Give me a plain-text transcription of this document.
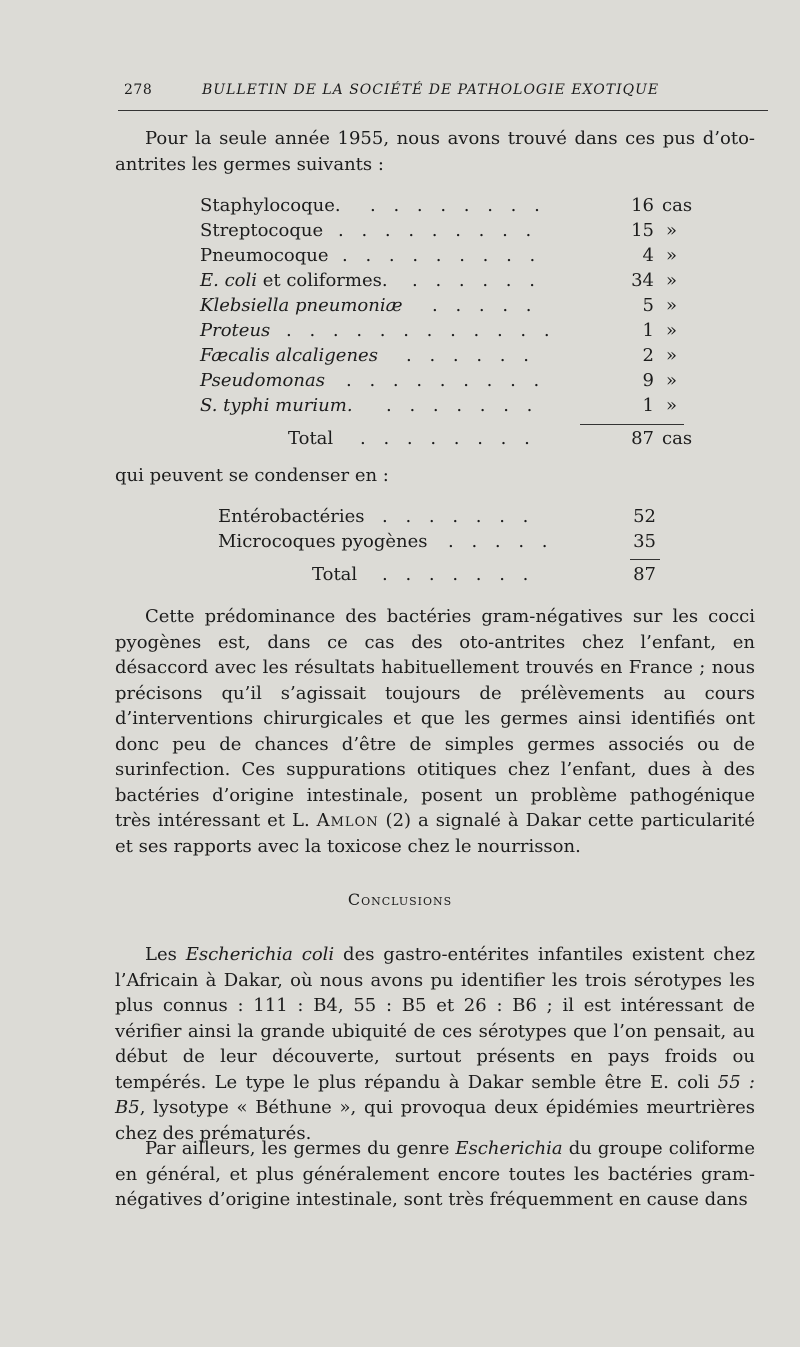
278	BULLETIN DE LA SOCIÉTÉ DE PATHOLOGIE EXOTIQUE

Pour la seule année 1955, nous avons trouvé dans ces pus d’oto-antrites les germes suivants :

Staphylocoque. . . . . . . . .	16 cas
Streptocoque . . . . . . . . .	15 »
Pneumocoque . . . . . . . . .	4 »
E. coli et coliformes. . . . . . .	34 »
Klebsiella pneumoniæ . . . . .	5 »
Proteus . . . . . . . . . . . .	1 »
Fæcalis alcaligenes . . . . . .	2 »
Pseudomonas . . . . . . . . .	9 »
S. typhi murium. . . . . . . .	1 »
Total . . . . . . . .	87 cas

qui peuvent se condenser en :

Entérobactéries . . . . . . .	52
Microcoques pyogènes . . . . .	35
Total . . . . . . .	87

Cette prédominance des bactéries gram-négatives sur les cocci pyogènes est, dans ce cas des oto-antrites chez l’enfant, en désaccord avec les résultats habituellement trouvés en France ; nous précisons qu’il s’agissait toujours de prélèvements au cours d’interventions chirurgicales et que les germes ainsi identifiés ont donc peu de chances d’être de simples germes associés ou de surinfection. Ces suppurations otitiques chez l’enfant, dues à des bactéries d’origine intestinale, posent un problème pathogénique très intéressant et L. Amlon (2) a signalé à Dakar cette particularité et ses rapports avec la toxicose chez le nourrisson.

Conclusions

Les Escherichia coli des gastro-entérites infantiles existent chez l’Africain à Dakar, où nous avons pu identifier les trois sérotypes les plus connus : 111 : B4, 55 : B5 et 26 : B6 ; il est intéressant de vérifier ainsi la grande ubiquité de ces sérotypes que l’on pensait, au début de leur découverte, surtout présents en pays froids ou tempérés. Le type le plus répandu à Dakar semble être E. coli 55 : B5, lysotype « Béthune », qui provoqua deux épidémies meurtrières chez des prématurés.

Par ailleurs, les germes du genre Escherichia du groupe coliforme en général, et plus généralement encore toutes les bactéries gram-négatives d’origine intestinale, sont très fréquemment en cause dans
